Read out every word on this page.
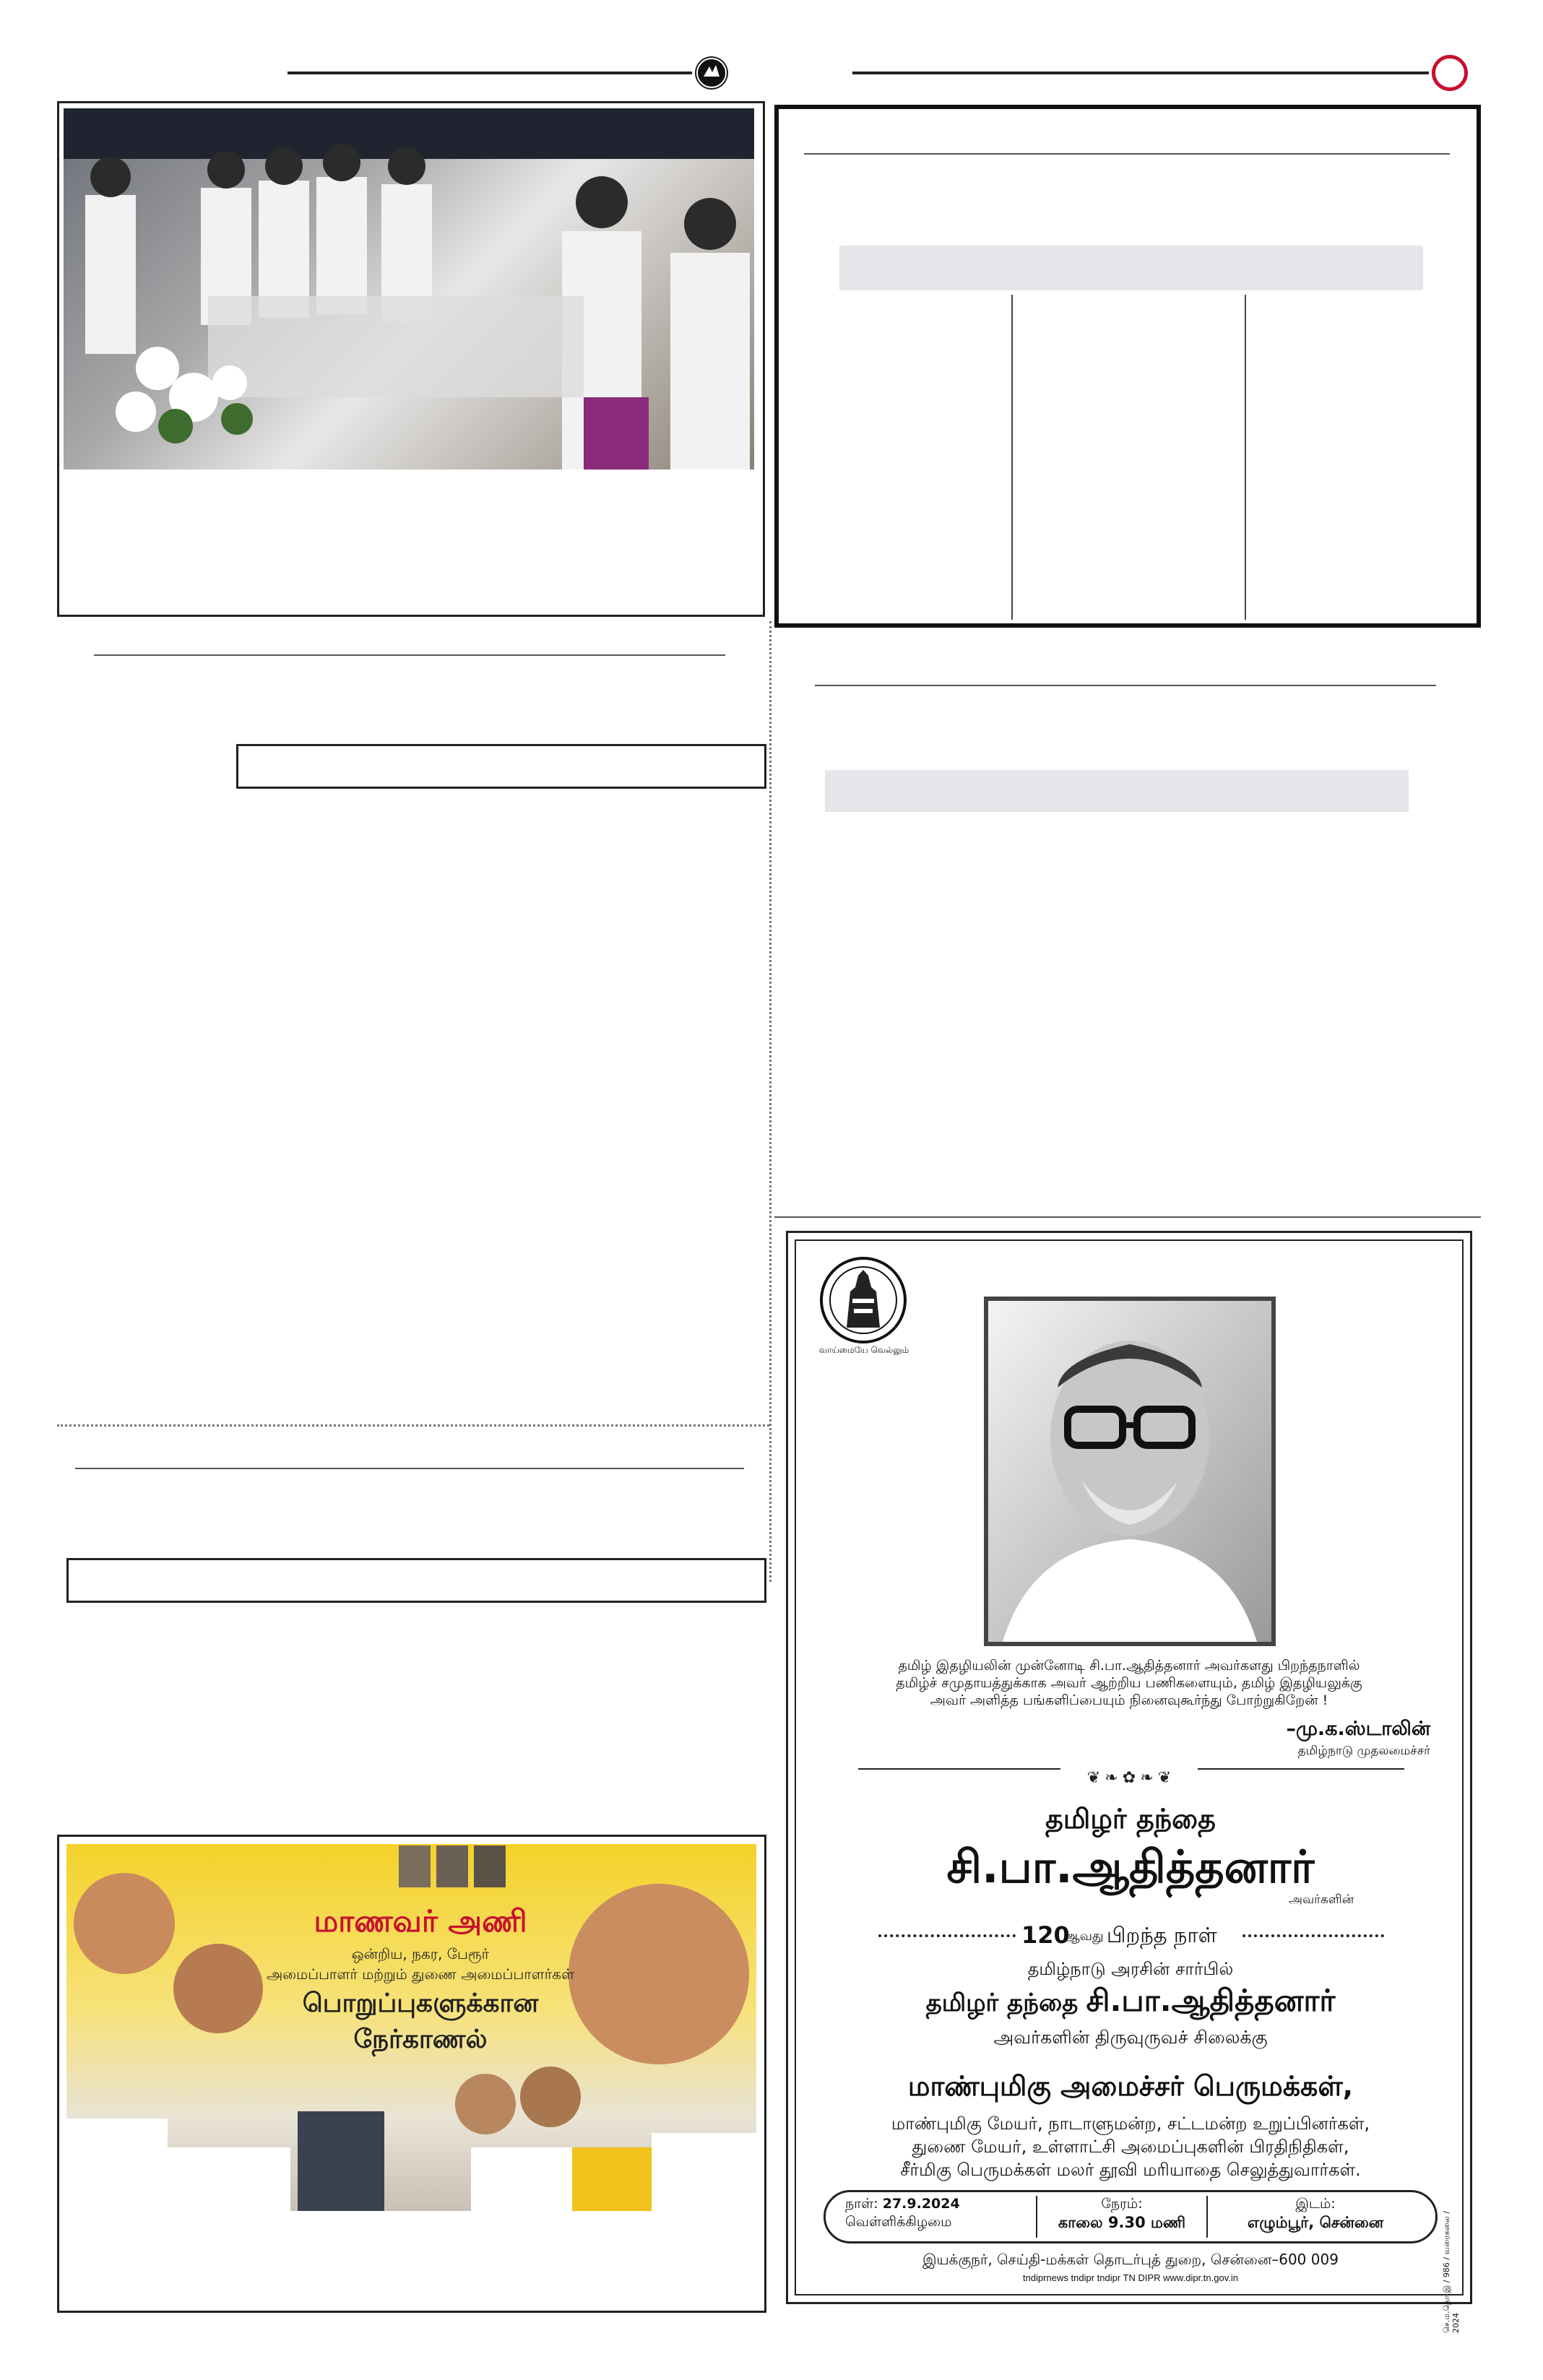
மாணவர் அணி
ஒன்றிய, நகர, பேரூர்
அமைப்பாளர் மற்றும் துணை அமைப்பாளர்கள்
பொறுப்புகளுக்கான
நேர்காணல்
வாய்மையே வெல்லும்
தமிழ் இதழியலின் முன்னோடி சி.பா.ஆதித்தனார் அவர்களது பிறந்தநாளில்
தமிழ்ச் சமுதாயத்துக்காக அவர் ஆற்றிய பணிகளையும், தமிழ் இதழியலுக்கு
அவர் அளித்த பங்களிப்பையும் நினைவுகூர்ந்து போற்றுகிறேன் !
–மு.க.ஸ்டாலின்
தமிழ்நாடு முதலமைச்சர்
❦ ❧ ✿ ❧ ❦
தமிழர் தந்தை
சி.பா.ஆதித்தனார்
அவர்களின்
120
ஆவது பிறந்த நாள்
தமிழ்நாடு அரசின் சார்பில்
தமிழர் தந்தை சி.பா.ஆதித்தனார்
அவர்களின் திருவுருவச் சிலைக்கு
மாண்புமிகு அமைச்சர் பெருமக்கள்,
மாண்புமிகு மேயர், நாடாளுமன்ற, சட்டமன்ற உறுப்பினர்கள்,
துணை மேயர், உள்ளாட்சி அமைப்புகளின் பிரதிநிதிகள்,
சீர்மிகு பெருமக்கள் மலர் தூவி மரியாதை செலுத்துவார்கள்.
நாள்: 27.9.2024
வெள்ளிக்கிழமை
நேரம்:
காலை 9.30 மணி
இடம்:
எழும்பூர், சென்னை
இயக்குநர், செய்தி-மக்கள் தொடர்புத் துறை, சென்னை–600 009
tndiprnews tndipr tndipr TN DIPR www.dipr.tn.gov.in	செ.ம.தொ.இ / 986 / வரைகலை / 2024
